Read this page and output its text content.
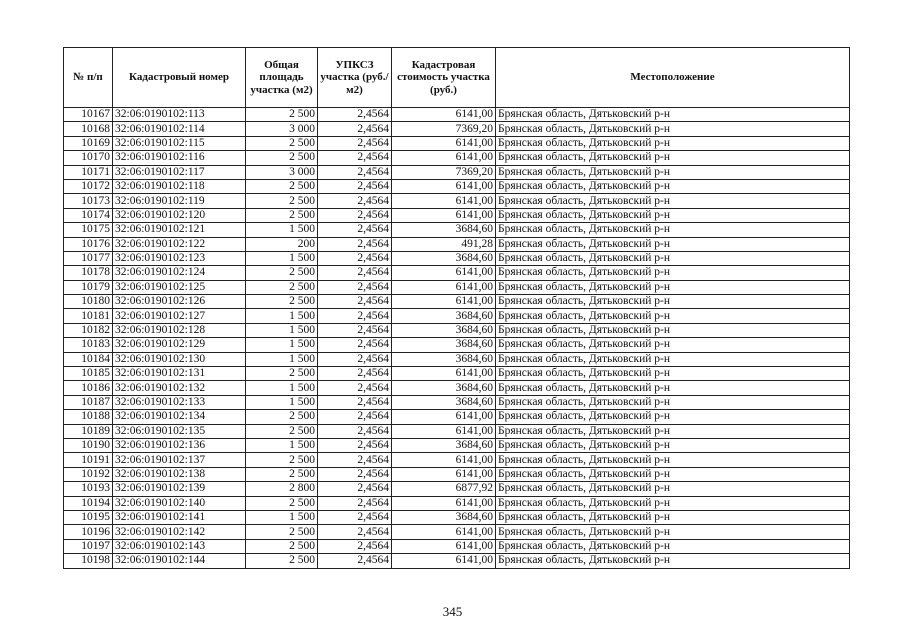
№ п/п	Кадастровый номер	Общая площадь участка (м2)	УПКСЗ участка (руб./м2)	Кадастровая стоимость участка (руб.)	Местоположение
10167	32:06:0190102:113	2 500	2,4564	6141,00	Брянская область, Дятьковский р-н
10168	32:06:0190102:114	3 000	2,4564	7369,20	Брянская область, Дятьковский р-н
10169	32:06:0190102:115	2 500	2,4564	6141,00	Брянская область, Дятьковский р-н
10170	32:06:0190102:116	2 500	2,4564	6141,00	Брянская область, Дятьковский р-н
10171	32:06:0190102:117	3 000	2,4564	7369,20	Брянская область, Дятьковский р-н
10172	32:06:0190102:118	2 500	2,4564	6141,00	Брянская область, Дятьковский р-н
10173	32:06:0190102:119	2 500	2,4564	6141,00	Брянская область, Дятьковский р-н
10174	32:06:0190102:120	2 500	2,4564	6141,00	Брянская область, Дятьковский р-н
10175	32:06:0190102:121	1 500	2,4564	3684,60	Брянская область, Дятьковский р-н
10176	32:06:0190102:122	200	2,4564	491,28	Брянская область, Дятьковский р-н
10177	32:06:0190102:123	1 500	2,4564	3684,60	Брянская область, Дятьковский р-н
10178	32:06:0190102:124	2 500	2,4564	6141,00	Брянская область, Дятьковский р-н
10179	32:06:0190102:125	2 500	2,4564	6141,00	Брянская область, Дятьковский р-н
10180	32:06:0190102:126	2 500	2,4564	6141,00	Брянская область, Дятьковский р-н
10181	32:06:0190102:127	1 500	2,4564	3684,60	Брянская область, Дятьковский р-н
10182	32:06:0190102:128	1 500	2,4564	3684,60	Брянская область, Дятьковский р-н
10183	32:06:0190102:129	1 500	2,4564	3684,60	Брянская область, Дятьковский р-н
10184	32:06:0190102:130	1 500	2,4564	3684,60	Брянская область, Дятьковский р-н
10185	32:06:0190102:131	2 500	2,4564	6141,00	Брянская область, Дятьковский р-н
10186	32:06:0190102:132	1 500	2,4564	3684,60	Брянская область, Дятьковский р-н
10187	32:06:0190102:133	1 500	2,4564	3684,60	Брянская область, Дятьковский р-н
10188	32:06:0190102:134	2 500	2,4564	6141,00	Брянская область, Дятьковский р-н
10189	32:06:0190102:135	2 500	2,4564	6141,00	Брянская область, Дятьковский р-н
10190	32:06:0190102:136	1 500	2,4564	3684,60	Брянская область, Дятьковский р-н
10191	32:06:0190102:137	2 500	2,4564	6141,00	Брянская область, Дятьковский р-н
10192	32:06:0190102:138	2 500	2,4564	6141,00	Брянская область, Дятьковский р-н
10193	32:06:0190102:139	2 800	2,4564	6877,92	Брянская область, Дятьковский р-н
10194	32:06:0190102:140	2 500	2,4564	6141,00	Брянская область, Дятьковский р-н
10195	32:06:0190102:141	1 500	2,4564	3684,60	Брянская область, Дятьковский р-н
10196	32:06:0190102:142	2 500	2,4564	6141,00	Брянская область, Дятьковский р-н
10197	32:06:0190102:143	2 500	2,4564	6141,00	Брянская область, Дятьковский р-н
10198	32:06:0190102:144	2 500	2,4564	6141,00	Брянская область, Дятьковский р-н
345
